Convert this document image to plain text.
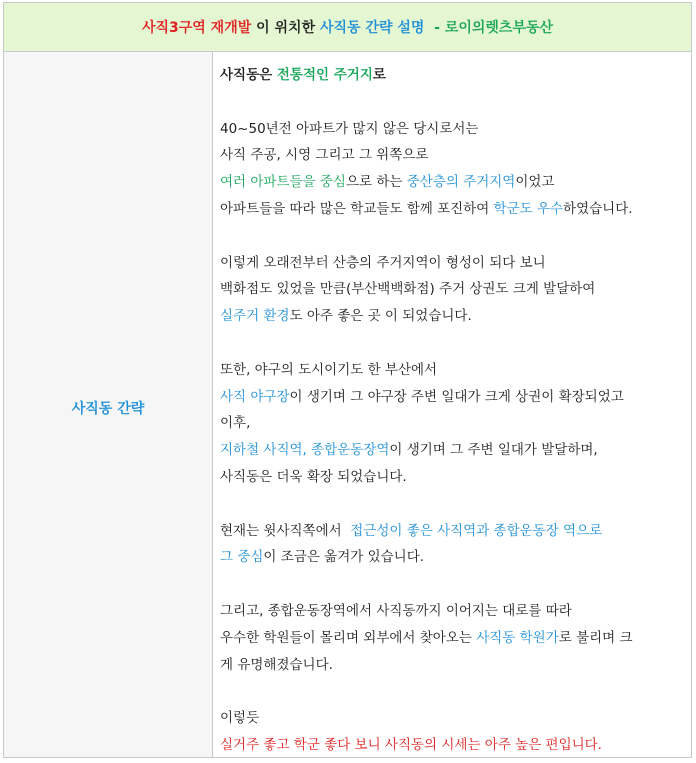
사직3구역 재개발 이 위치한 사직동 간략 설명 - 로이의렛츠부동산
사직동 간략
사직동은 전통적인 주거지로
40~50년전 아파트가 많지 않은 당시로서는
사직 주공, 시영 그리고 그 위쪽으로
여러 아파트들을 중심으로 하는 중산층의 주거지역이었고
아파트들을 따라 많은 학교들도 함께 포진하여 학군도 우수하였습니다.
이렇게 오래전부터 산층의 주거지역이 형성이 되다 보니
백화점도 있었을 만큼(부산백백화점) 주거 상권도 크게 발달하여
실주거 환경도 아주 좋은 곳 이 되었습니다.
또한, 야구의 도시이기도 한 부산에서
사직 야구장이 생기며 그 야구장 주변 일대가 크게 상권이 확장되었고
이후,
지하철 사직역, 종합운동장역이 생기며 그 주변 일대가 발달하며,
사직동은 더욱 확장 되었습니다.
현재는 윗사직쪽에서  접근성이 좋은 사직역과 종합운동장 역으로
그 중심이 조금은 옮겨가 있습니다.
그리고, 종합운동장역에서 사직동까지 이어지는 대로를 따라
우수한 학원들이 몰리며 외부에서 찾아오는 사직동 학원가로 불리며 크
게 유명해졌습니다.
이렇듯
실거주 좋고 학군 좋다 보니 사직동의 시세는 아주 높은 편입니다.
